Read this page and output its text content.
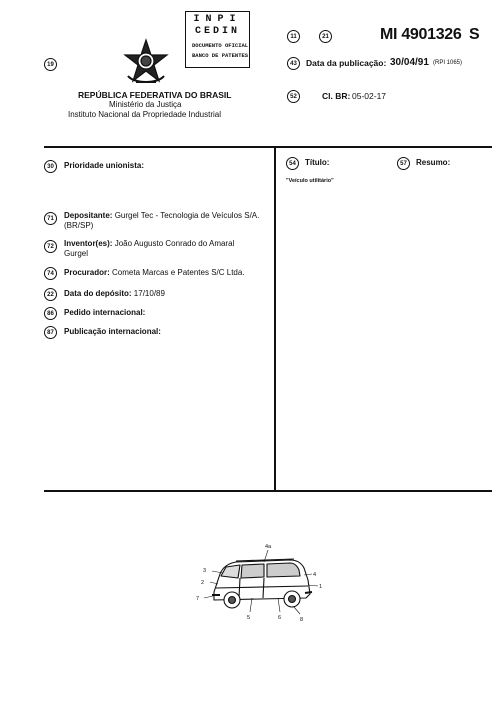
INPI
CEDIN
DOCUMENTO OFICIAL
BANCO DE PATENTES
11	21	MI 4901326 S
19	43	Data da publicação: 30/04/91 (RPI 1065)
REPÚBLICA FEDERATIVA DO BRASIL
Ministério da Justiça
Instituto Nacional da Propriedade Industrial
52	Cl. BR: 05-02-17
30	Prioridade unionista:
71	Depositante: Gurgel Tec - Tecnologia de Veículos S/A.
(BR/SP)
72	Inventor(es): João Augusto Conrado do Amaral
Gurgel
74	Procurador: Cometa Marcas e Patentes S/C Ltda.
22	Data do depósito: 17/10/89
86	Pedido internacional:
87	Publicação internacional:
54	Título:	57	Resumo:
"Veículo utilitário"
4a
3
2
4
1
5	6
7
8
